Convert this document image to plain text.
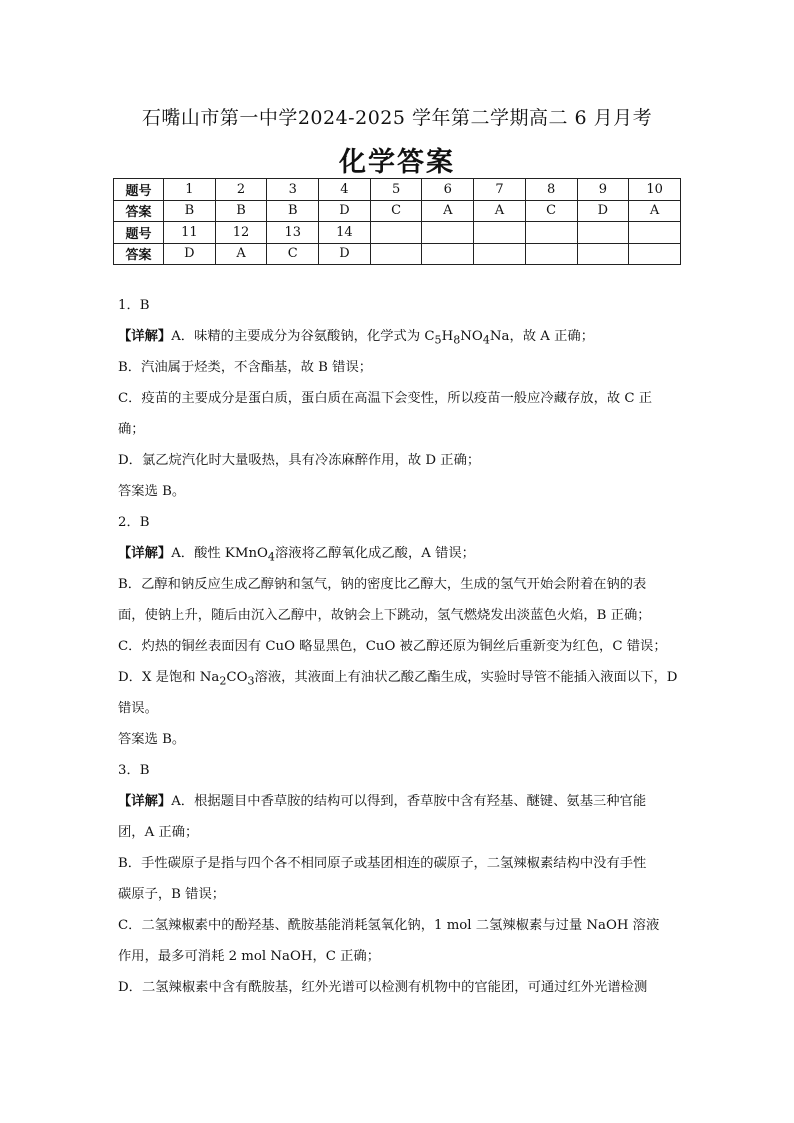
石嘴山市第一中学2024-2025 学年第二学期高二 6 月月考
化学答案
题号	1	2	3	4	5	6	7	8	9	10
答案	B	B	B	D	C	A	A	C	D	A
题号	11	12	13	14						
答案	D	A	C	D						
1．B
【详解】A．味精的主要成分为谷氨酸钠，化学式为 $C_5H_8NO_4Na$，故 A 正确；
B．汽油属于烃类，不含酯基，故 B 错误；
C．疫苗的主要成分是蛋白质，蛋白质在高温下会变性，所以疫苗一般应冷藏存放，故 C 正
确；
D．氯乙烷汽化时大量吸热，具有冷冻麻醉作用，故 D 正确；
答案选 B。
2．B
【详解】A．酸性 KMnO$_4$溶液将乙醇氧化成乙酸，A 错误；
B．乙醇和钠反应生成乙醇钠和氢气，钠的密度比乙醇大，生成的氢气开始会附着在钠的表
面，使钠上升，随后由沉入乙醇中，故钠会上下跳动，氢气燃烧发出淡蓝色火焰，B 正确；
C．灼热的铜丝表面因有 CuO 略显黑色，CuO 被乙醇还原为铜丝后重新变为红色，C 错误；
D．X 是饱和 $Na_2CO_3$溶液，其液面上有油状乙酸乙酯生成，实验时导管不能插入液面以下，D
错误。
答案选 B。
3．B
【详解】A．根据题目中香草胺的结构可以得到，香草胺中含有羟基、醚键、氨基三种官能
团，A 正确；
B．手性碳原子是指与四个各不相同原子或基团相连的碳原子，二氢辣椒素结构中没有手性
碳原子，B 错误；
C．二氢辣椒素中的酚羟基、酰胺基能消耗氢氧化钠，1 mol 二氢辣椒素与过量 NaOH 溶液
作用，最多可消耗 2 mol NaOH，C 正确；
D．二氢辣椒素中含有酰胺基，红外光谱可以检测有机物中的官能团，可通过红外光谱检测
